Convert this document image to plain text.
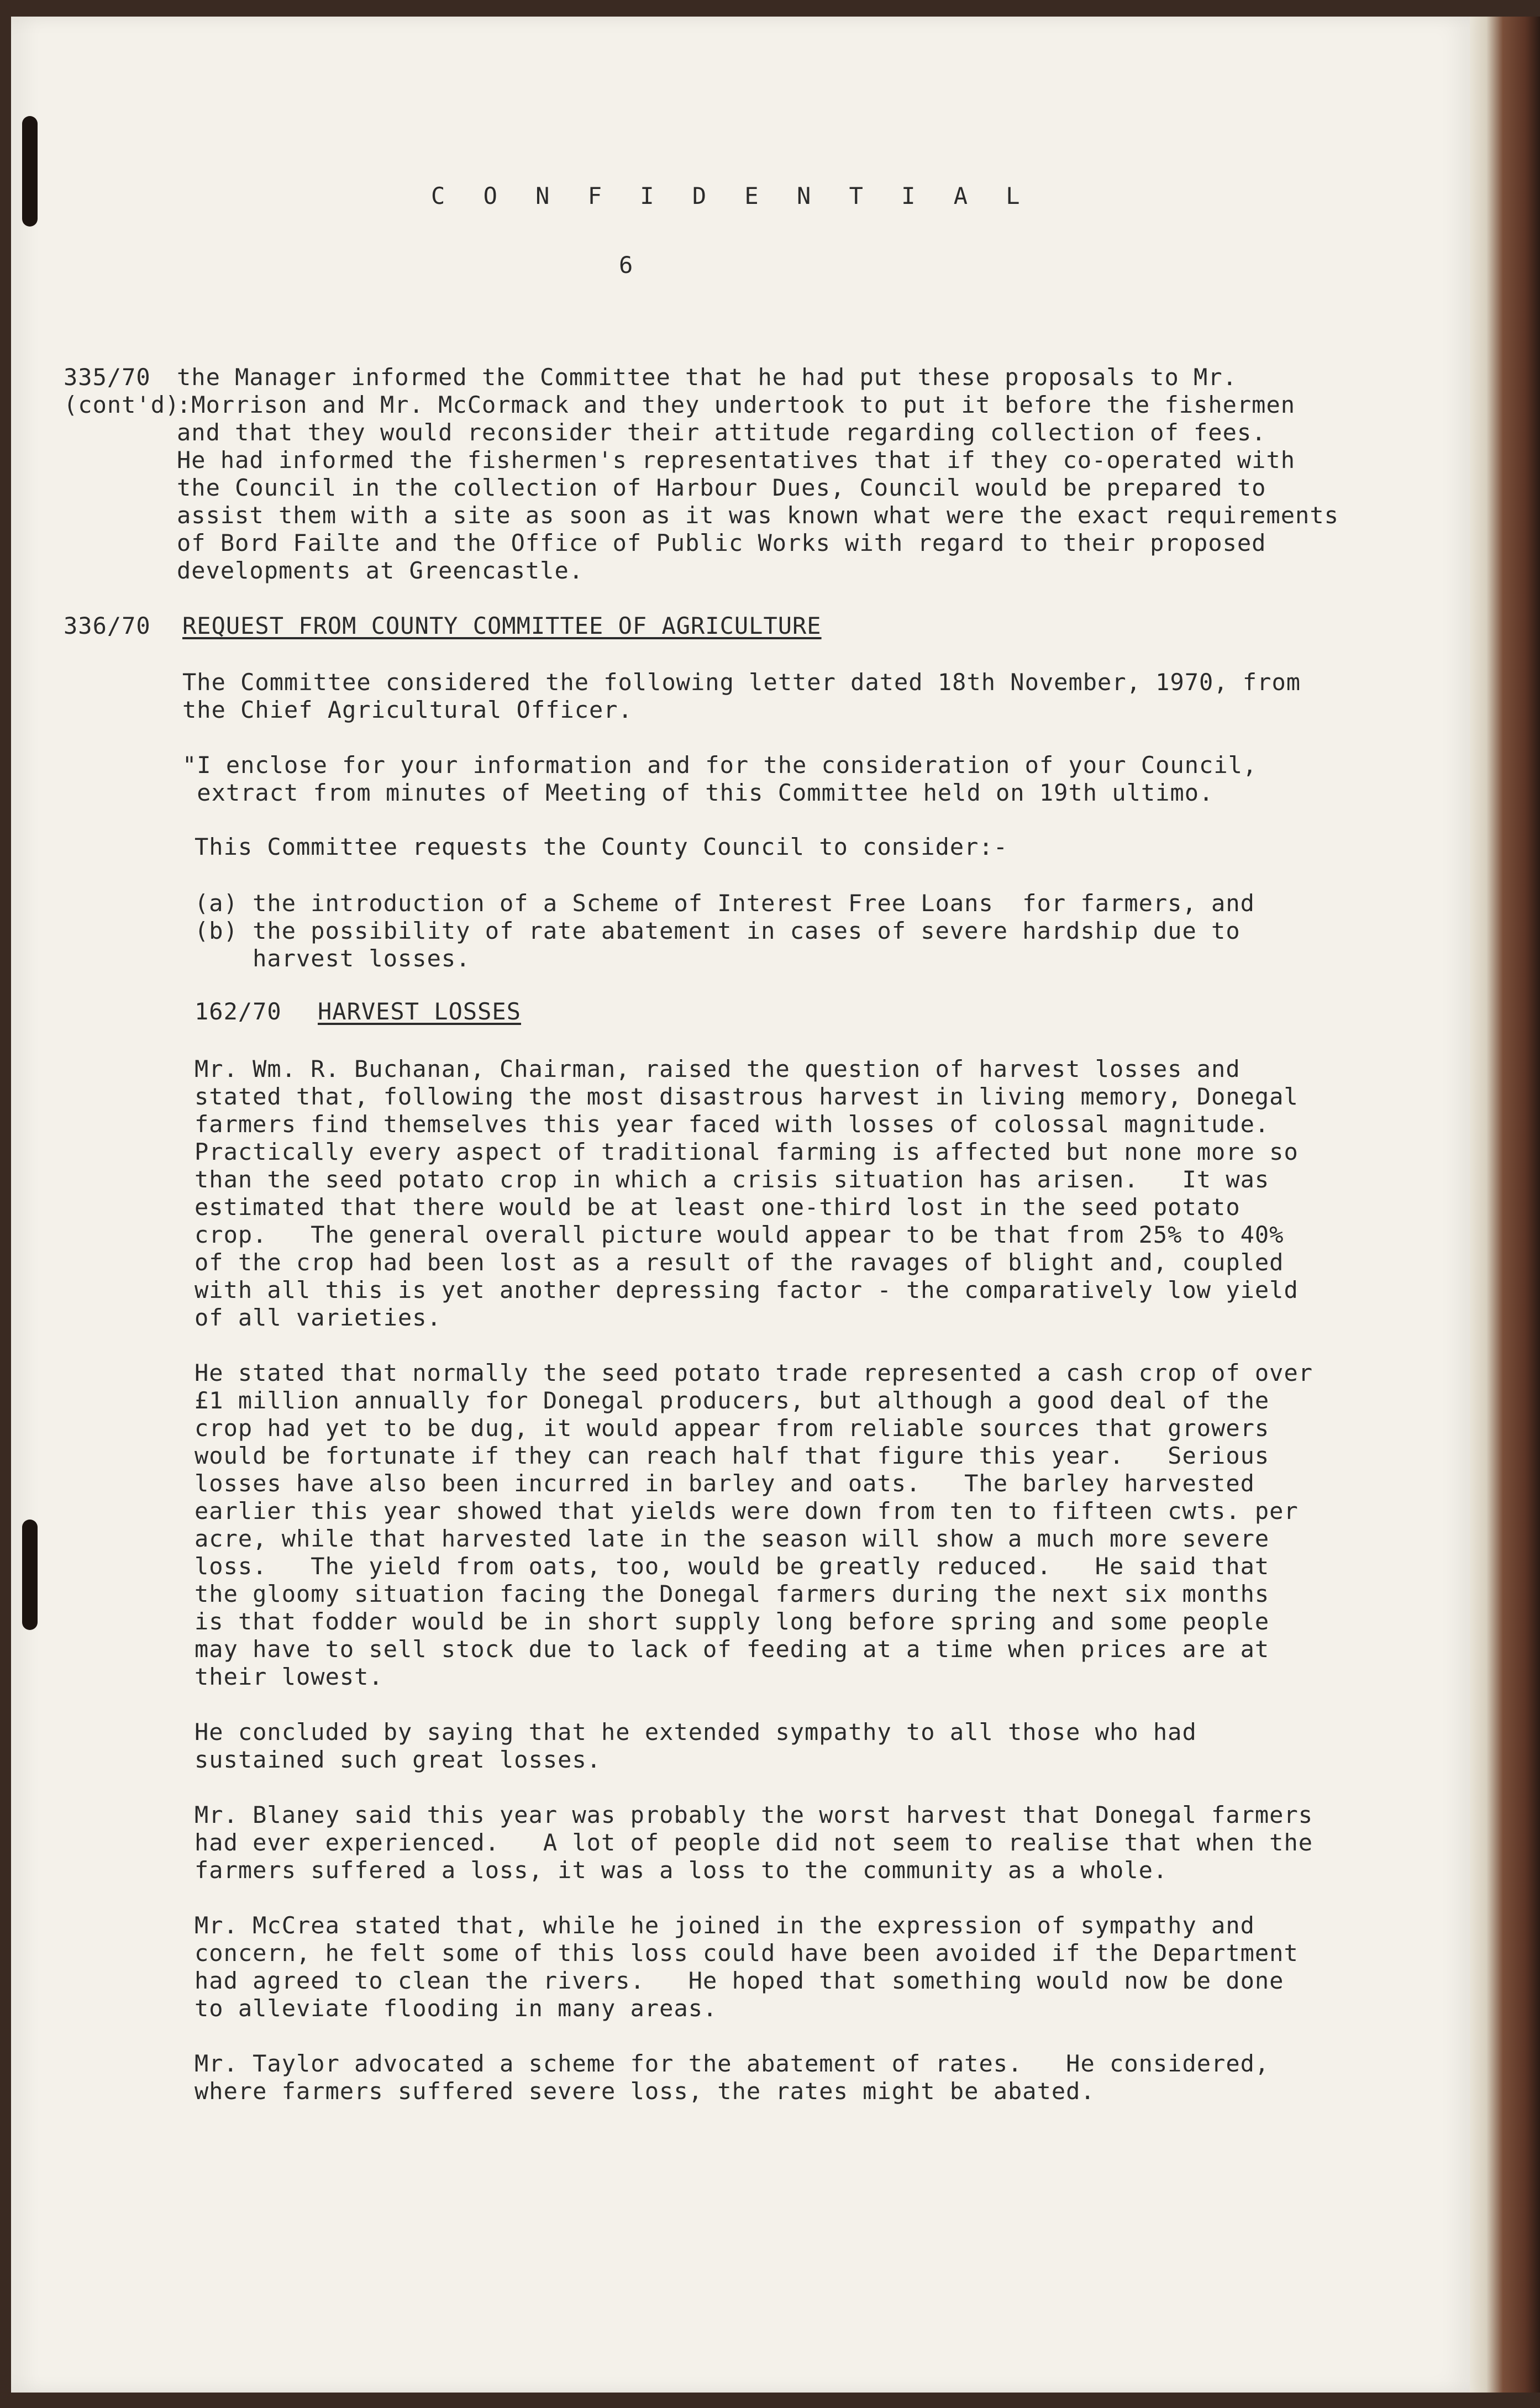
C O N F I D E N T I A L
6
335/70
(cont'd)
the Manager informed the Committee that he had put these proposals to Mr.
:Morrison and Mr. McCormack and they undertook to put it before the fishermen
and that they would reconsider their attitude regarding collection of fees.
He had informed the fishermen's representatives that if they co-operated with
the Council in the collection of Harbour Dues, Council would be prepared to
assist them with a site as soon as it was known what were the exact requirements
of Bord Failte and the Office of Public Works with regard to their proposed
developments at Greencastle.
336/70 REQUEST FROM COUNTY COMMITTEE OF AGRICULTURE
The Committee considered the following letter dated 18th November, 1970, from
the Chief Agricultural Officer.
"I enclose for your information and for the consideration of your Council,
extract from minutes of Meeting of this Committee held on 19th ultimo.
This Committee requests the County Council to consider:-
(a) the introduction of a Scheme of Interest Free Loans  for farmers, and
(b) the possibility of rate abatement in cases of severe hardship due to
harvest losses.
162/70 HARVEST LOSSES
Mr. Wm. R. Buchanan, Chairman, raised the question of harvest losses and
stated that, following the most disastrous harvest in living memory, Donegal
farmers find themselves this year faced with losses of colossal magnitude.
Practically every aspect of traditional farming is affected but none more so
than the seed potato crop in which a crisis situation has arisen.   It was
estimated that there would be at least one-third lost in the seed potato
crop.   The general overall picture would appear to be that from 25% to 40%
of the crop had been lost as a result of the ravages of blight and, coupled
with all this is yet another depressing factor - the comparatively low yield
of all varieties.
He stated that normally the seed potato trade represented a cash crop of over
£1 million annually for Donegal producers, but although a good deal of the
crop had yet to be dug, it would appear from reliable sources that growers
would be fortunate if they can reach half that figure this year.   Serious
losses have also been incurred in barley and oats.   The barley harvested
earlier this year showed that yields were down from ten to fifteen cwts. per
acre, while that harvested late in the season will show a much more severe
loss.   The yield from oats, too, would be greatly reduced.   He said that
the gloomy situation facing the Donegal farmers during the next six months
is that fodder would be in short supply long before spring and some people
may have to sell stock due to lack of feeding at a time when prices are at
their lowest.
He concluded by saying that he extended sympathy to all those who had
sustained such great losses.
Mr. Blaney said this year was probably the worst harvest that Donegal farmers
had ever experienced.   A lot of people did not seem to realise that when the
farmers suffered a loss, it was a loss to the community as a whole.
Mr. McCrea stated that, while he joined in the expression of sympathy and
concern, he felt some of this loss could have been avoided if the Department
had agreed to clean the rivers.   He hoped that something would now be done
to alleviate flooding in many areas.
Mr. Taylor advocated a scheme for the abatement of rates.   He considered,
where farmers suffered severe loss, the rates might be abated.
